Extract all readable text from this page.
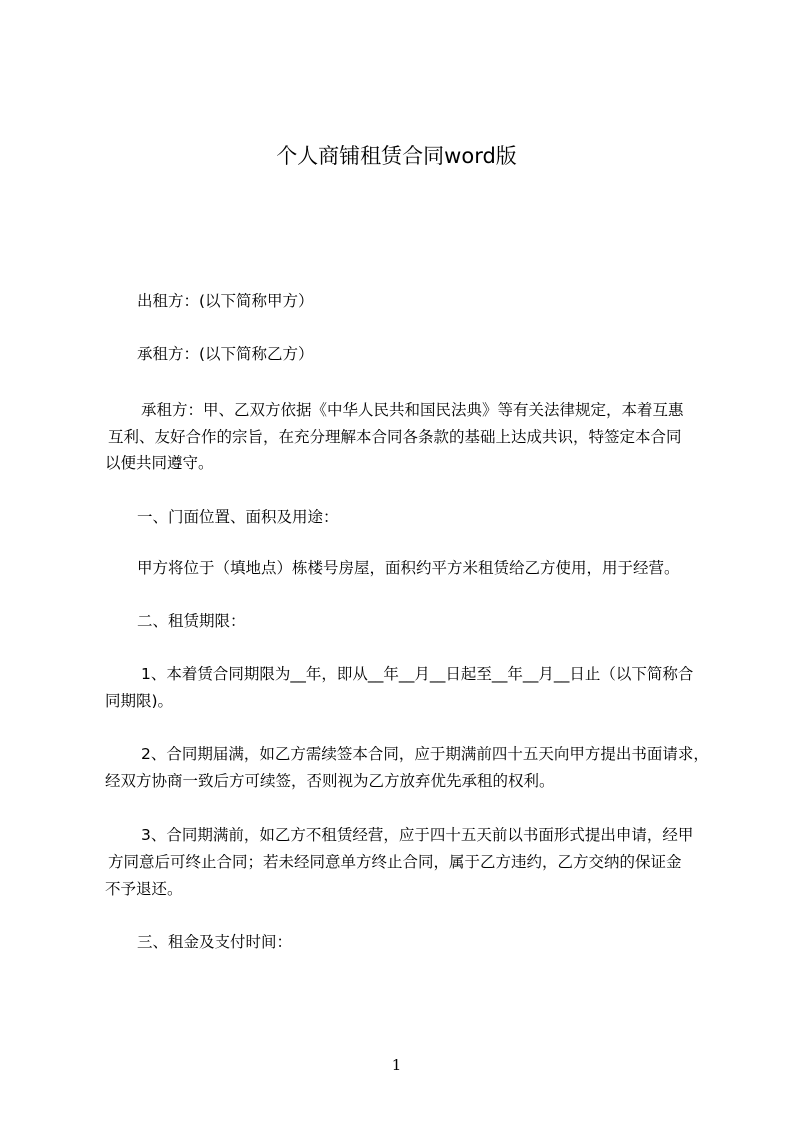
个人商铺租赁合同word版
出租方：(以下简称甲方）
承租方：(以下简称乙方）
承租方：甲、乙双方依据《中华人民共和国民法典》等有关法律规定，本着互惠
互利、友好合作的宗旨，在充分理解本合同各条款的基础上达成共识，特签定本合同
以便共同遵守。
一、门面位置、面积及用途：
甲方将位于（填地点）栋楼号房屋，面积约平方米租赁给乙方使用，用于经营。
二、租赁期限：
1、本着赁合同期限为__年，即从__年__月__日起至__年__月__日止（以下简称合
同期限)。
2、合同期届满，如乙方需续签本合同，应于期满前四十五天向甲方提出书面请求，
经双方协商一致后方可续签，否则视为乙方放弃优先承租的权利。
3、合同期满前，如乙方不租赁经营，应于四十五天前以书面形式提出申请，经甲
方同意后可终止合同；若未经同意单方终止合同，属于乙方违约，乙方交纳的保证金
不予退还。
三、租金及支付时间：
1
